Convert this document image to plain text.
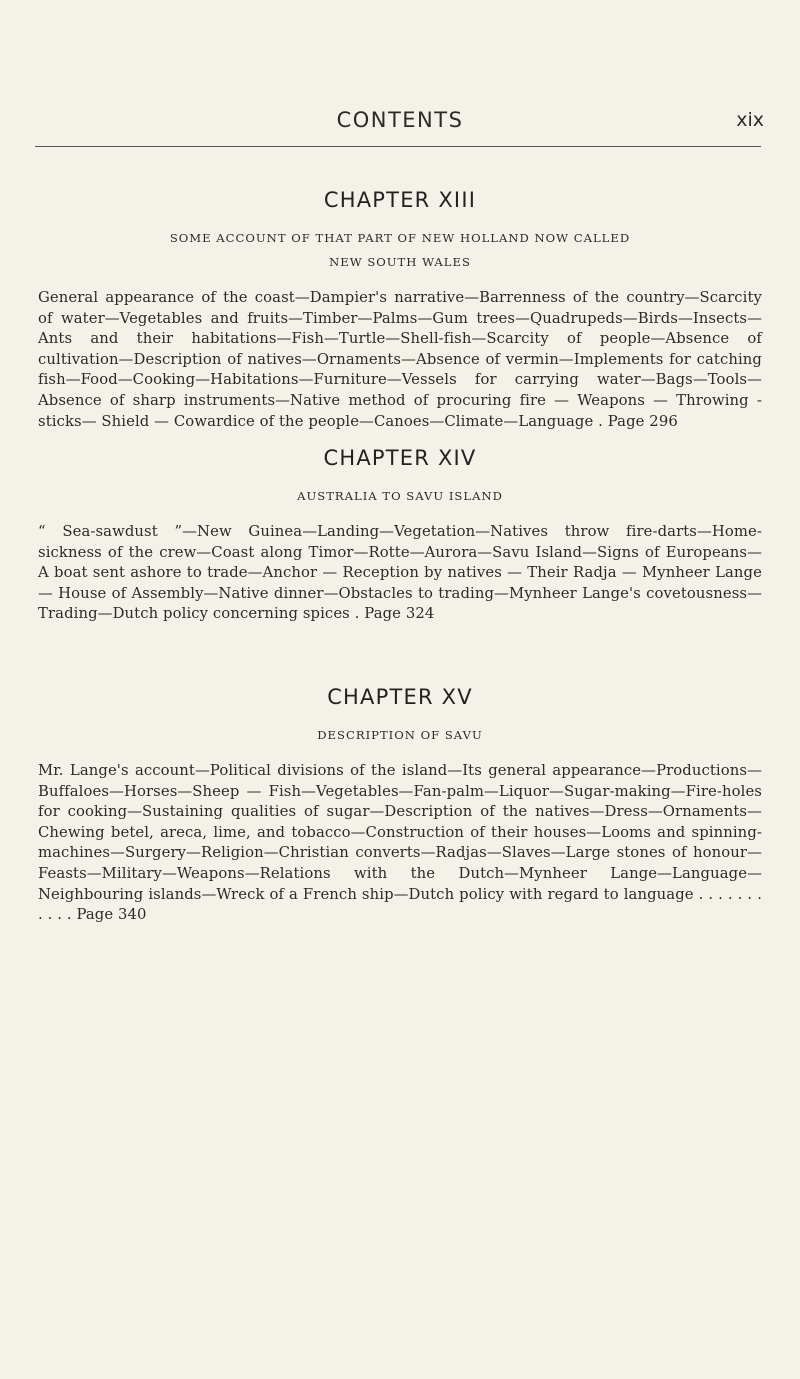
CONTENTS	xix
CHAPTER XIII

SOME ACCOUNT OF THAT PART OF NEW HOLLAND NOW CALLED
NEW SOUTH WALES

General appearance of the coast—Dampier's narrative—Barrenness of the country—Scarcity of water—Vegetables and fruits—Timber—Palms—Gum trees—Quadrupeds—Birds—Insects—Ants and their habitations—Fish—Turtle—Shell-fish—Scarcity of people—Absence of cultivation—Description of natives—Ornaments—Absence of vermin—Implements for catching fish—Food—Cooking—Habitations—Furniture—Vessels for carrying water—Bags—Tools—Absence of sharp instruments—Native method of procuring fire — Weapons — Throwing - sticks— Shield — Cowardice of the people—Canoes—Climate—Language . Page 296

CHAPTER XIV

AUSTRALIA TO SAVU ISLAND

“ Sea-sawdust ”—New Guinea—Landing—Vegetation—Natives throw fire-darts—Home-sickness of the crew—Coast along Timor—Rotte—Aurora—Savu Island—Signs of Europeans—A boat sent ashore to trade—Anchor — Reception by natives — Their Radja — Mynheer Lange — House of Assembly—Native dinner—Obstacles to trading—Mynheer Lange's covetousness—Trading—Dutch policy concerning spices . Page 324

CHAPTER XV

DESCRIPTION OF SAVU

Mr. Lange's account—Political divisions of the island—Its general appearance—Productions—Buffaloes—Horses—Sheep — Fish—Vegetables—Fan-palm—Liquor—Sugar-making—Fire-holes for cooking—Sustaining qualities of sugar—Description of the natives—Dress—Ornaments—Chewing betel, areca, lime, and tobacco—Construction of their houses—Looms and spinning-machines—Surgery—Religion—Christian converts—Radjas—Slaves—Large stones of honour—Feasts—Military—Weapons—Relations with the Dutch—Mynheer Lange—Language—Neighbouring islands—Wreck of a French ship—Dutch policy with regard to language . . . . . . . . . . . Page 340
